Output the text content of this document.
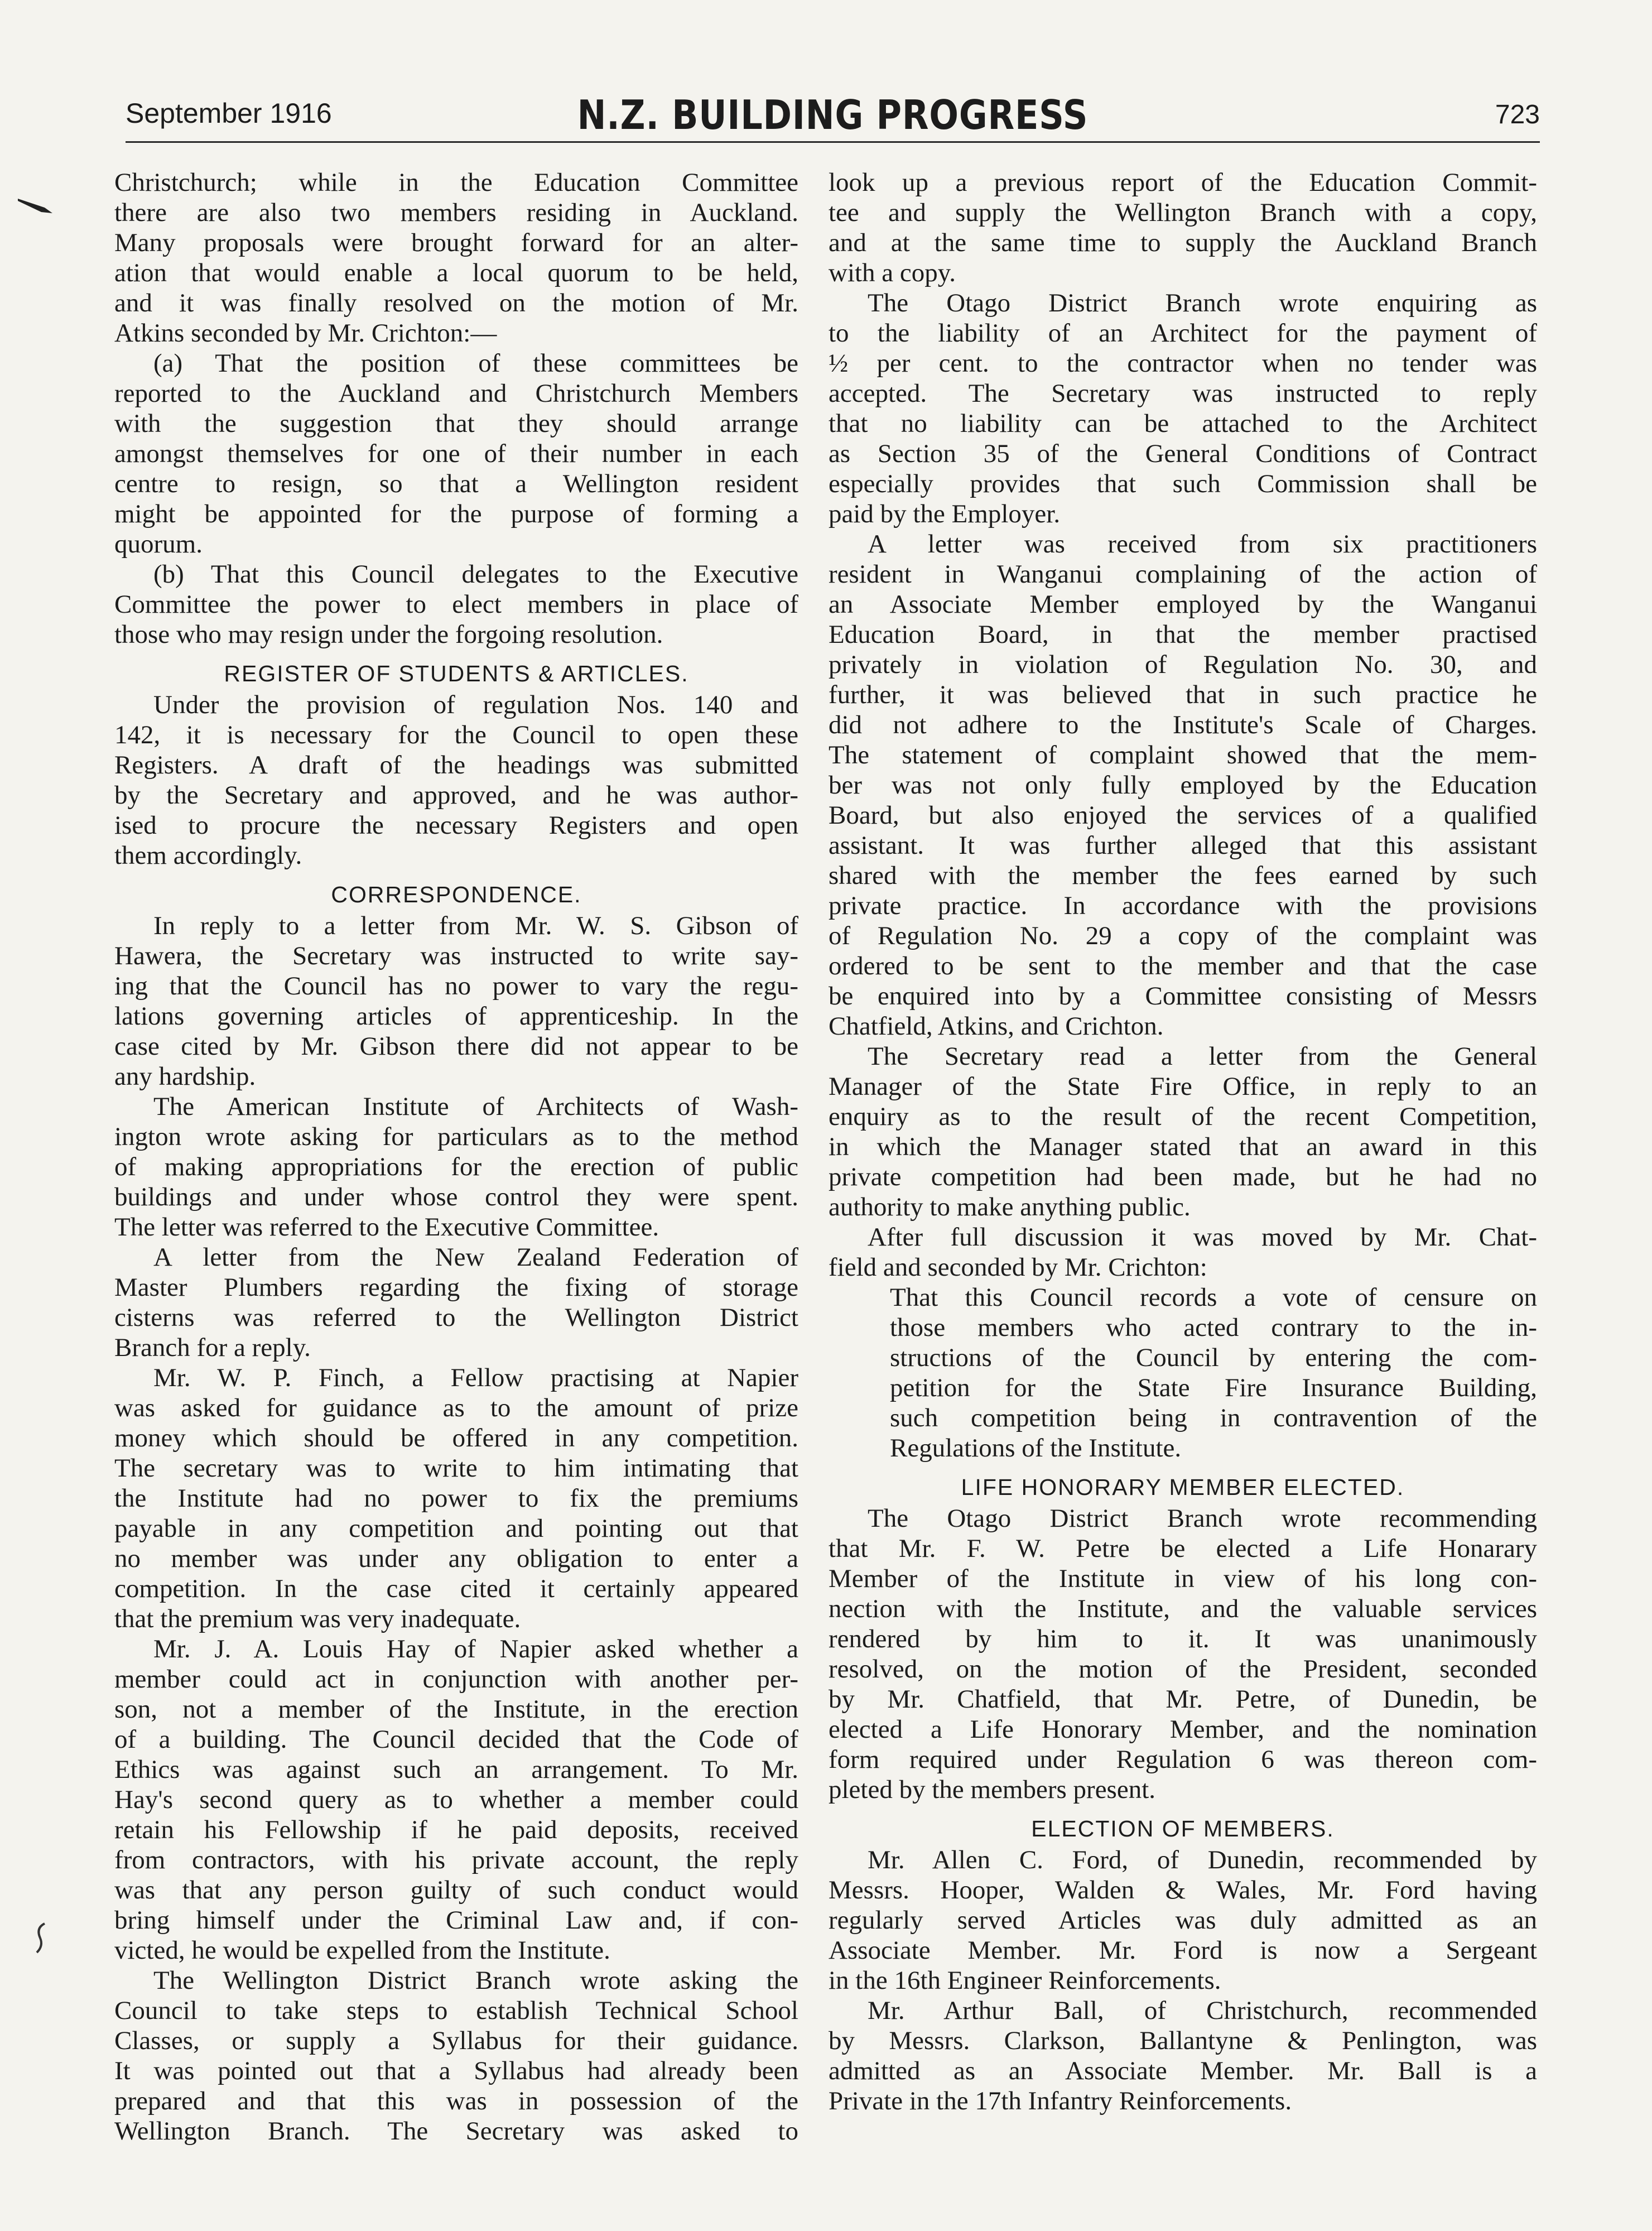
September 1916	N.Z. BUILDING PROGRESS	723
Christchurch; while in the Education Committee
there are also two members residing in Auckland.
Many proposals were brought forward for an alter-
ation that would enable a local quorum to be held,
and it was finally resolved on the motion of Mr.
Atkins seconded by Mr. Crichton:—
(a) That the position of these committees be
reported to the Auckland and Christchurch Members
with the suggestion that they should arrange
amongst themselves for one of their number in each
centre to resign, so that a Wellington resident
might be appointed for the purpose of forming a
quorum.
(b) That this Council delegates to the Executive
Committee the power to elect members in place of
those who may resign under the forgoing resolution.
REGISTER OF STUDENTS & ARTICLES.
Under the provision of regulation Nos. 140 and
142, it is necessary for the Council to open these
Registers. A draft of the headings was submitted
by the Secretary and approved, and he was author-
ised to procure the necessary Registers and open
them accordingly.
CORRESPONDENCE.
In reply to a letter from Mr. W. S. Gibson of
Hawera, the Secretary was instructed to write say-
ing that the Council has no power to vary the regu-
lations governing articles of apprenticeship. In the
case cited by Mr. Gibson there did not appear to be
any hardship.
The American Institute of Architects of Wash-
ington wrote asking for particulars as to the method
of making appropriations for the erection of public
buildings and under whose control they were spent.
The letter was referred to the Executive Committee.
A letter from the New Zealand Federation of
Master Plumbers regarding the fixing of storage
cisterns was referred to the Wellington District
Branch for a reply.
Mr. W. P. Finch, a Fellow practising at Napier
was asked for guidance as to the amount of prize
money which should be offered in any competition.
The secretary was to write to him intimating that
the Institute had no power to fix the premiums
payable in any competition and pointing out that
no member was under any obligation to enter a
competition. In the case cited it certainly appeared
that the premium was very inadequate.
Mr. J. A. Louis Hay of Napier asked whether a
member could act in conjunction with another per-
son, not a member of the Institute, in the erection
of a building. The Council decided that the Code of
Ethics was against such an arrangement. To Mr.
Hay's second query as to whether a member could
retain his Fellowship if he paid deposits, received
from contractors, with his private account, the reply
was that any person guilty of such conduct would
bring himself under the Criminal Law and, if con-
victed, he would be expelled from the Institute.
The Wellington District Branch wrote asking the
Council to take steps to establish Technical School
Classes, or supply a Syllabus for their guidance.
It was pointed out that a Syllabus had already been
prepared and that this was in possession of the
Wellington Branch. The Secretary was asked to
look up a previous report of the Education Commit-
tee and supply the Wellington Branch with a copy,
and at the same time to supply the Auckland Branch
with a copy.
The Otago District Branch wrote enquiring as
to the liability of an Architect for the payment of
½ per cent. to the contractor when no tender was
accepted. The Secretary was instructed to reply
that no liability can be attached to the Architect
as Section 35 of the General Conditions of Contract
especially provides that such Commission shall be
paid by the Employer.
A letter was received from six practitioners
resident in Wanganui complaining of the action of
an Associate Member employed by the Wanganui
Education Board, in that the member practised
privately in violation of Regulation No. 30, and
further, it was believed that in such practice he
did not adhere to the Institute's Scale of Charges.
The statement of complaint showed that the mem-
ber was not only fully employed by the Education
Board, but also enjoyed the services of a qualified
assistant. It was further alleged that this assistant
shared with the member the fees earned by such
private practice. In accordance with the provisions
of Regulation No. 29 a copy of the complaint was
ordered to be sent to the member and that the case
be enquired into by a Committee consisting of Messrs
Chatfield, Atkins, and Crichton.
The Secretary read a letter from the General
Manager of the State Fire Office, in reply to an
enquiry as to the result of the recent Competition,
in which the Manager stated that an award in this
private competition had been made, but he had no
authority to make anything public.
After full discussion it was moved by Mr. Chat-
field and seconded by Mr. Crichton:
That this Council records a vote of censure on
those members who acted contrary to the in-
structions of the Council by entering the com-
petition for the State Fire Insurance Building,
such competition being in contravention of the
Regulations of the Institute.
LIFE HONORARY MEMBER ELECTED.
The Otago District Branch wrote recommending
that Mr. F. W. Petre be elected a Life Honarary
Member of the Institute in view of his long con-
nection with the Institute, and the valuable services
rendered by him to it. It was unanimously
resolved, on the motion of the President, seconded
by Mr. Chatfield, that Mr. Petre, of Dunedin, be
elected a Life Honorary Member, and the nomination
form required under Regulation 6 was thereon com-
pleted by the members present.
ELECTION OF MEMBERS.
Mr. Allen C. Ford, of Dunedin, recommended by
Messrs. Hooper, Walden & Wales, Mr. Ford having
regularly served Articles was duly admitted as an
Associate Member. Mr. Ford is now a Sergeant
in the 16th Engineer Reinforcements.
Mr. Arthur Ball, of Christchurch, recommended
by Messrs. Clarkson, Ballantyne & Penlington, was
admitted as an Associate Member. Mr. Ball is a
Private in the 17th Infantry Reinforcements.
